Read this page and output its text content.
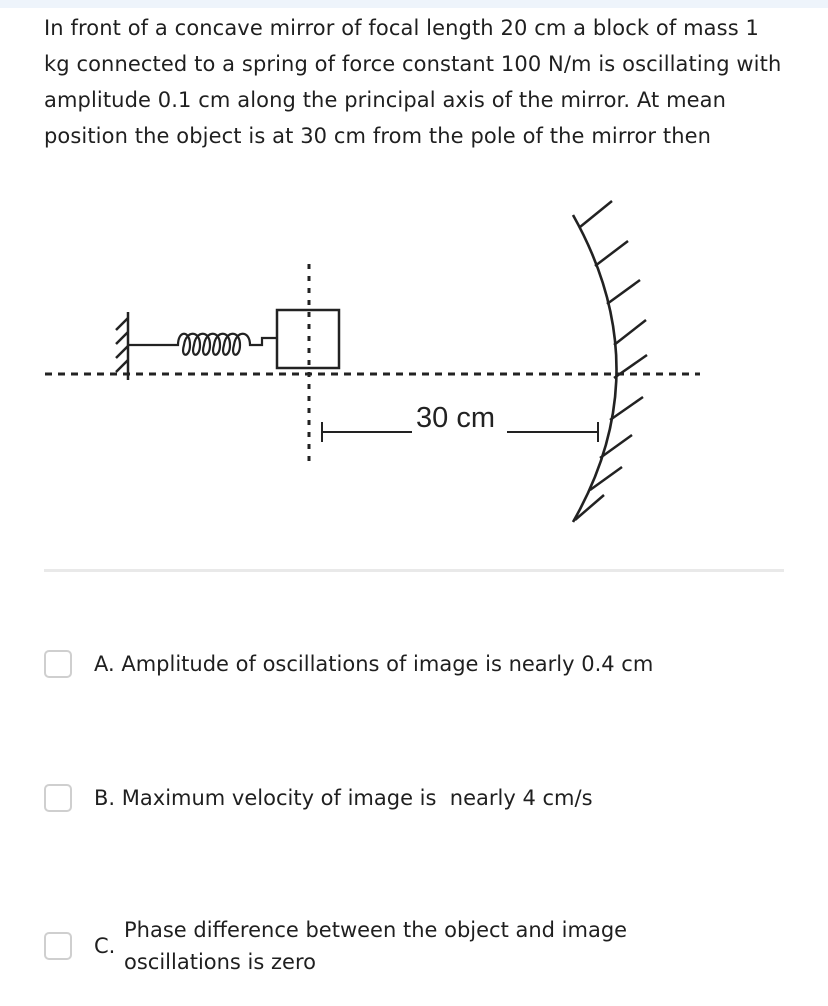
In front of a concave mirror of focal length 20 cm a block of mass 1 kg connected to a spring of force constant 100 N/m is oscillating with amplitude 0.1 cm along the principal axis of the mirror. At mean position the object is at 30 cm from the pole of the mirror then
30 cm
A. Amplitude of oscillations of image is nearly 0.4 cm
B. Maximum velocity of image is  nearly 4 cm/s
C.
Phase difference between the object and image
oscillations is zero
